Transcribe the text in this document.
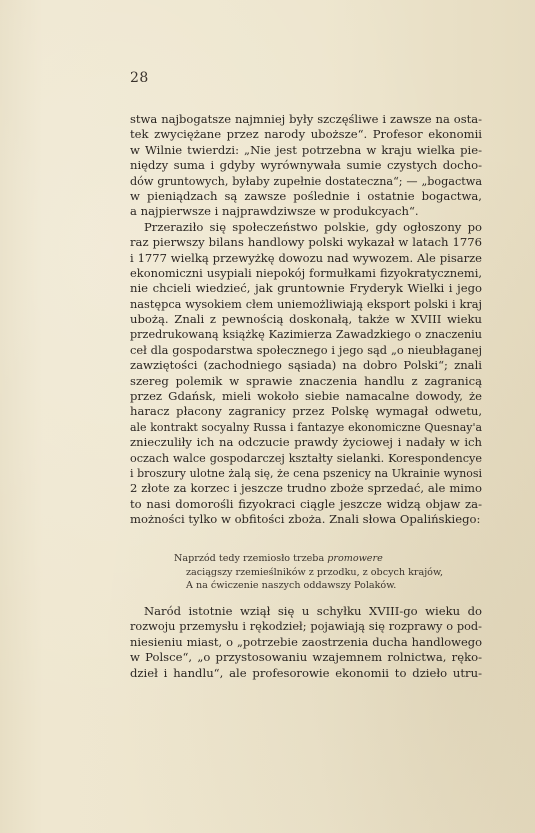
28
stwa najbogatsze najmniej były szczęśliwe i zawsze na osta-
tek zwyciężane przez narody uboższe“. Profesor ekonomii
w Wilnie twierdzi: „Nie jest potrzebna w kraju wielka pie-
niędzy suma i gdyby wyrównywała sumie czystych docho-
dów gruntowych, byłaby zupełnie dostateczna“; — „bogactwa
w pieniądzach są zawsze poślednie i ostatnie bogactwa,
a najpierwsze i najprawdziwsze w produkcyach“.
Przeraziło się społeczeństwo polskie, gdy ogłoszony po
raz pierwszy bilans handlowy polski wykazał w latach 1776
i 1777 wielką przewyżkę dowozu nad wywozem. Ale pisarze
ekonomiczni usypiali niepokój formułkami fizyokratycznemi,
nie chcieli wiedzieć, jak gruntownie Fryderyk Wielki i jego
następca wysokiem cłem uniemożliwiają eksport polski i kraj
ubożą. Znali z pewnością doskonałą, także w XVIII wieku
przedrukowaną książkę Kazimierza Zawadzkiego o znaczeniu
ceł dla gospodarstwa społecznego i jego sąd „o nieubłaganej
zawziętości (zachodniego sąsiada) na dobro Polski“; znali
szereg polemik w sprawie znaczenia handlu z zagranicą
przez Gdańsk, mieli wokoło siebie namacalne dowody, że
haracz płacony zagranicy przez Polskę wymagał odwetu,
ale kontrakt socyalny Russa i fantazye ekonomiczne Quesnay'a
znieczuliły ich na odczucie prawdy życiowej i nadały w ich
oczach walce gospodarczej kształty sielanki. Korespondencye
i broszury ulotne żalą się, że cena pszenicy na Ukrainie wynosi
2 złote za korzec i jeszcze trudno zboże sprzedać, ale mimo
to nasi domorośli fizyokraci ciągle jeszcze widzą objaw za-
możności tylko w obfitości zboża. Znali słowa Opalińskiego:
Naprzód tedy rzemiosło trzeba promowere
zaciągszy rzemieślników z przodku, z obcych krajów,
A na ćwiczenie naszych oddawszy Polaków.
Naród istotnie wziął się u schyłku XVIII-go wieku do
rozwoju przemysłu i rękodzieł; pojawiają się rozprawy o pod-
niesieniu miast, o „potrzebie zaostrzenia ducha handlowego
w Polsce“, „o przystosowaniu wzajemnem rolnictwa, ręko-
dzieł i handlu“, ale profesorowie ekonomii to dzieło utru-
